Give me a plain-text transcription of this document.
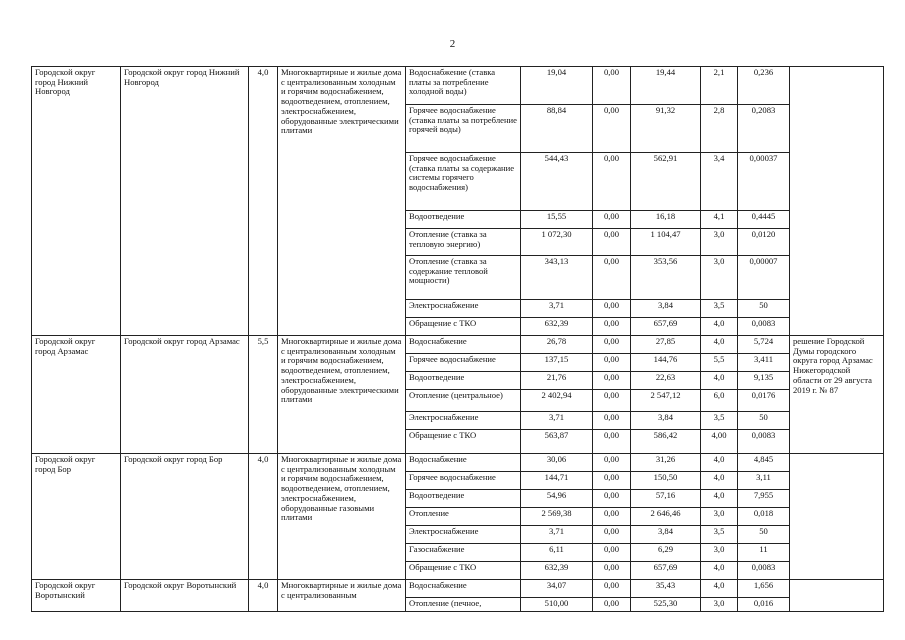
2
Городской округ город Нижний Новгород	Городской округ город Нижний Новгород	4,0	Многоквартирные и жилые дома с централизованным холодным и горячим водоснабжением, водоотведением, отоплением, электроснабжением, оборудованные электрическими плитами	Водоснабжение (ставка платы за потребление холодной воды)	19,04	0,00	19,44	2,1	0,236	
				Горячее водоснабжение (ставка платы за потребление горячей воды)	88,84	0,00	91,32	2,8	0,2083	
				Горячее водоснабжение (ставка платы за содержание системы горячего водоснабжения)	544,43	0,00	562,91	3,4	0,00037	
				Водоотведение	15,55	0,00	16,18	4,1	0,4445	
				Отопление (ставка за тепловую энергию)	1 072,30	0,00	1 104,47	3,0	0,0120	
				Отопление (ставка за содержание тепловой мощности)	343,13	0,00	353,56	3,0	0,00007	
				Электроснабжение	3,71	0,00	3,84	3,5	50	
				Обращение с ТКО	632,39	0,00	657,69	4,0	0,0083	
Городской округ город Арзамас	Городской округ город Арзамас	5,5	Многоквартирные и жилые дома с централизованным холодным и горячим водоснабжением, водоотведением, отоплением, электроснабжением, оборудованные электрическими плитами	Водоснабжение	26,78	0,00	27,85	4,0	5,724	решение Городской Думы городского округа город Арзамас Нижегородской области от 29 августа 2019 г. № 87
				Горячее водоснабжение	137,15	0,00	144,76	5,5	3,411	
				Водоотведение	21,76	0,00	22,63	4,0	9,135	
				Отопление (центральное)	2 402,94	0,00	2 547,12	6,0	0,0176	
				Электроснабжение	3,71	0,00	3,84	3,5	50	
				Обращение с ТКО	563,87	0,00	586,42	4,00	0,0083	
Городской округ город Бор	Городской округ город Бор	4,0	Многоквартирные и жилые дома с централизованным холодным и горячим водоснабжением, водоотведением, отоплением, электроснабжением, оборудованные газовыми плитами	Водоснабжение	30,06	0,00	31,26	4,0	4,845	
				Горячее водоснабжение	144,71	0,00	150,50	4,0	3,11	
				Водоотведение	54,96	0,00	57,16	4,0	7,955	
				Отопление	2 569,38	0,00	2 646,46	3,0	0,018	
				Электроснабжение	3,71	0,00	3,84	3,5	50	
				Газоснабжение	6,11	0,00	6,29	3,0	11	
				Обращение с ТКО	632,39	0,00	657,69	4,0	0,0083	
Городской округ Воротынский	Городской округ Воротынский	4,0	Многоквартирные и жилые дома с централизованным	Водоснабжение	34,07	0,00	35,43	4,0	1,656	
				Отопление (печное,	510,00	0,00	525,30	3,0	0,016	
